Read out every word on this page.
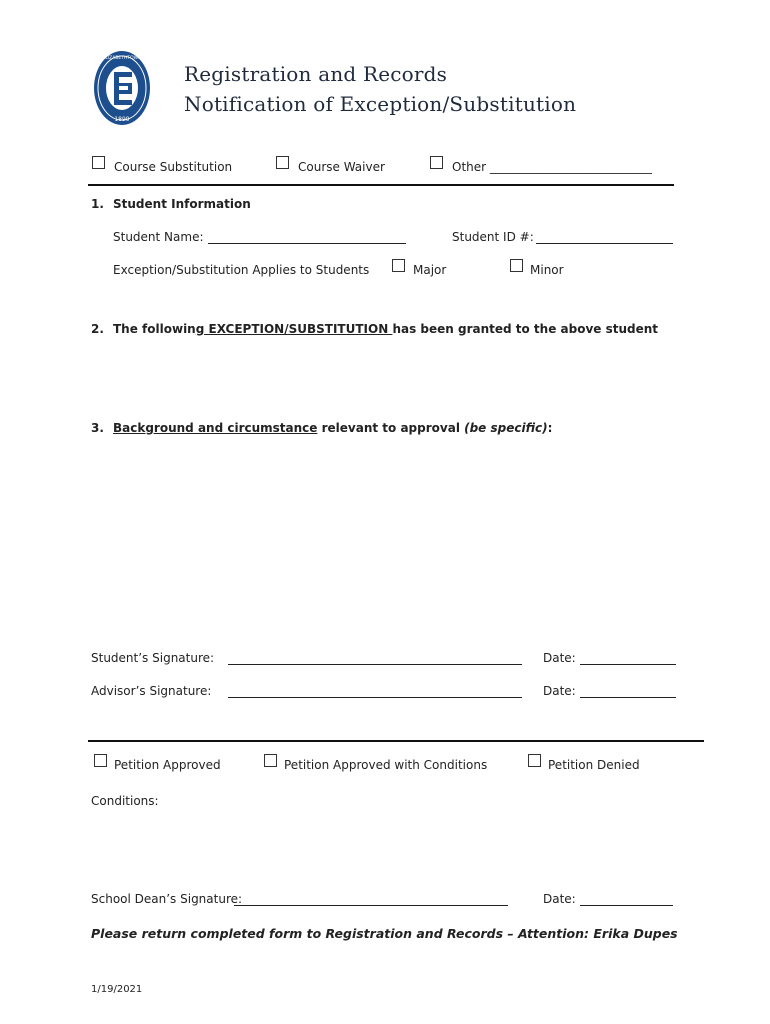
1899
ELIZABETHTOWN
Registration and Records
Notification of Exception/Substitution
Course Substitution	Course Waiver	Other ___________________________
1. Student Information
Student Name:	Student ID #:
Exception/Substitution Applies to Students	Major	Minor
2. The following EXCEPTION/SUBSTITUTION has been granted to the above student
3. Background and circumstance relevant to approval (be specific):
Student’s Signature:	Date:
Advisor’s Signature:	Date:
Petition Approved	Petition Approved with Conditions	Petition Denied
Conditions:
School Dean’s Signature:	Date:
Please return completed form to Registration and Records – Attention: Erika Dupes
1/19/2021
